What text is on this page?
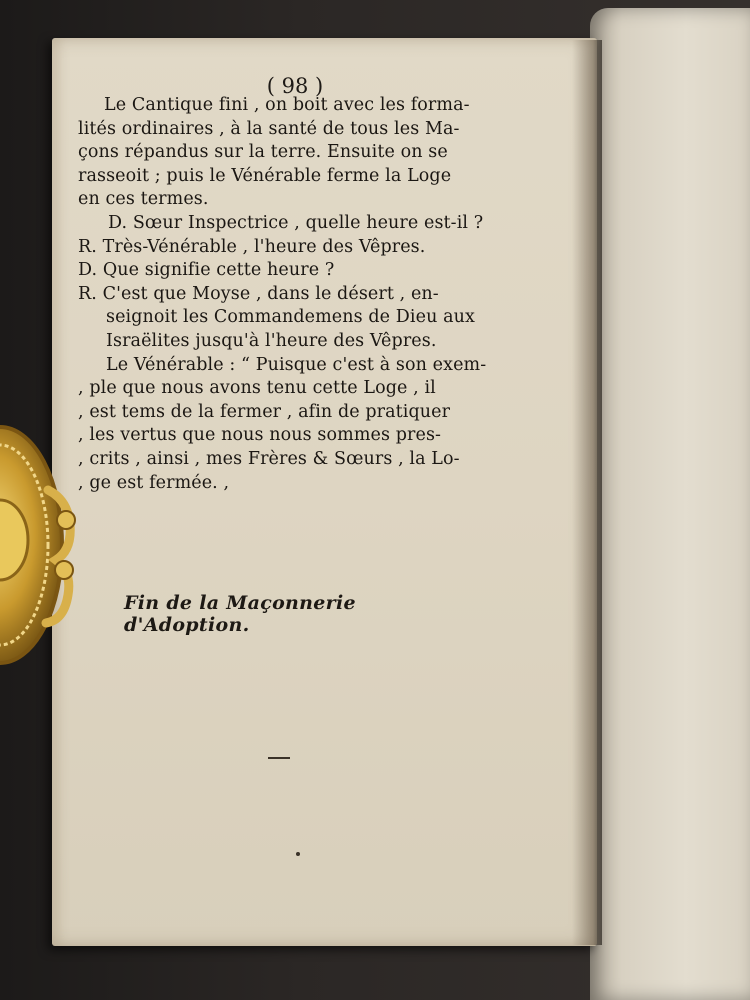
( 98 )
Le Cantique fini , on boit avec les forma-
lités ordinaires , à la santé de tous les Ma-
çons répandus sur la terre. Ensuite on se
rasseoit ; puis le Vénérable ferme la Loge
en ces termes.
D. Sœur Inspectrice , quelle heure est-il ?
R. Très-Vénérable , l'heure des Vêpres.
D. Que signifie cette heure ?
R. C'est que Moyse , dans le désert , en-
seignoit les Commandemens de Dieu aux
Israëlites jusqu'à l'heure des Vêpres.
Le Vénérable : “ Puisque c'est à son exem-
, ple que nous avons tenu cette Loge , il
, est tems de la fermer , afin de pratiquer
, les vertus que nous nous sommes pres-
, crits , ainsi , mes Frères & Sœurs , la Lo-
, ge est fermée. ,
Fin de la Maçonnerie d'Adoption.
